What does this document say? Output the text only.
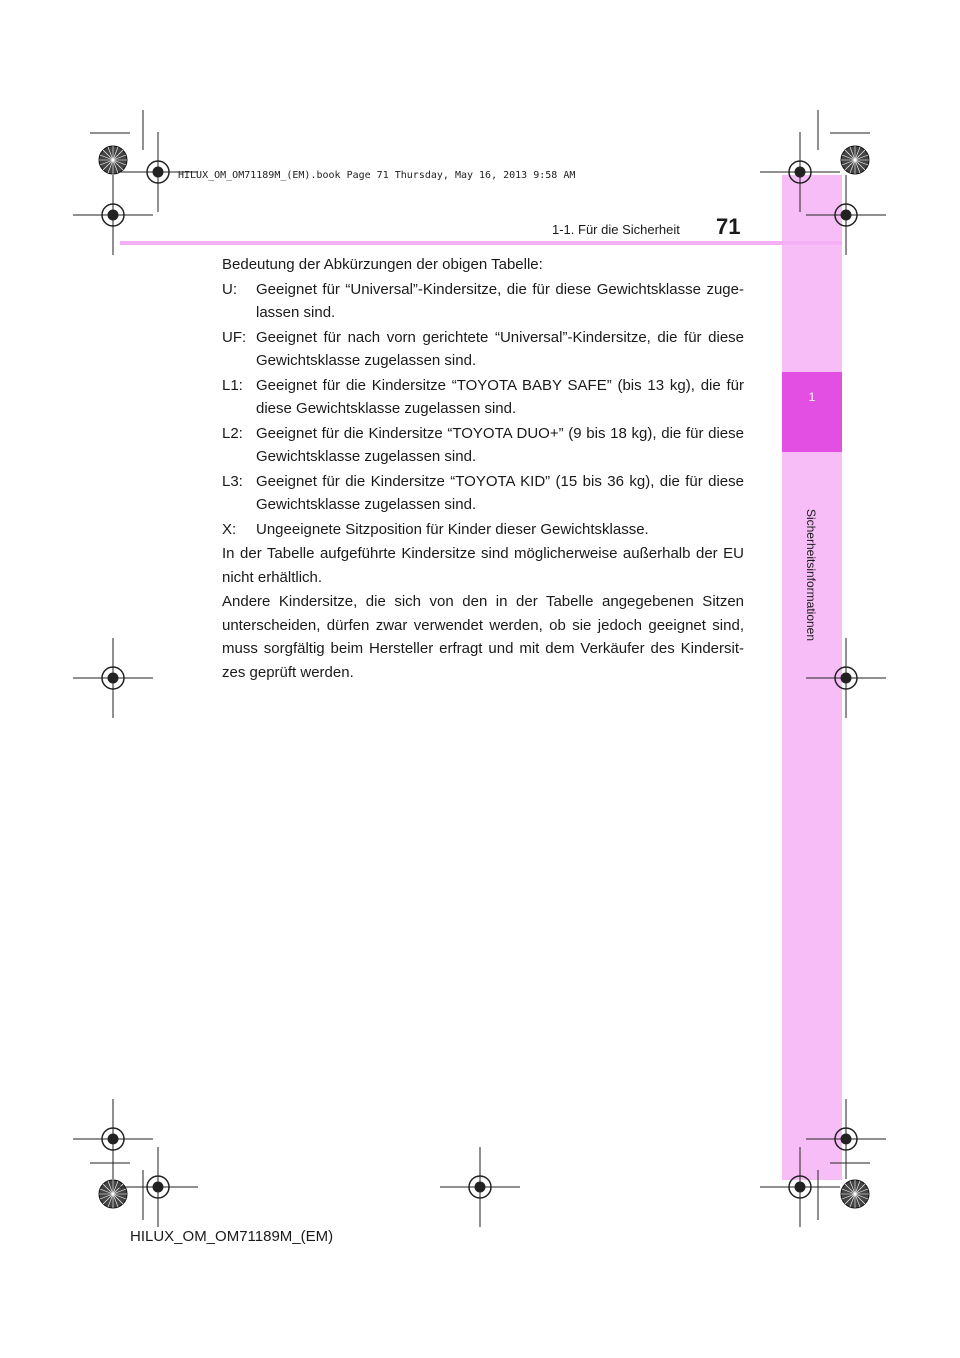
1
Sicherheitsinformationen
HILUX_OM_OM71189M_(EM).book Page 71 Thursday, May 16, 2013 9:58 AM
1-1. Für die Sicherheit 71

Bedeutung der Abkürzungen der obigen Tabelle:

U:	Geeignet für “Universal”-Kindersitze, die für diese Gewichtsklasse zuge-lassen sind.
UF: Geeignet für nach vorn gerichtete “Universal”-Kindersitze, die für diese Gewichtsklasse zugelassen sind.
L1: Geeignet für die Kindersitze “TOYOTA BABY SAFE” (bis 13 kg), die für diese Gewichtsklasse zugelassen sind.
L2: Geeignet für die Kindersitze “TOYOTA DUO+” (9 bis 18 kg), die für diese Gewichtsklasse zugelassen sind.
L3: Geeignet für die Kindersitze “TOYOTA KID” (15 bis 36 kg), die für diese Gewichtsklasse zugelassen sind.
X:	Ungeeignete Sitzposition für Kinder dieser Gewichtsklasse.

In der Tabelle aufgeführte Kindersitze sind möglicherweise außerhalb der EU nicht erhältlich.

Andere Kindersitze, die sich von den in der Tabelle angegebenen Sitzen unterscheiden, dürfen zwar verwendet werden, ob sie jedoch geeignet sind, muss sorgfältig beim Hersteller erfragt und mit dem Verkäufer des Kindersit-zes geprüft werden.

HILUX_OM_OM71189M_(EM)
